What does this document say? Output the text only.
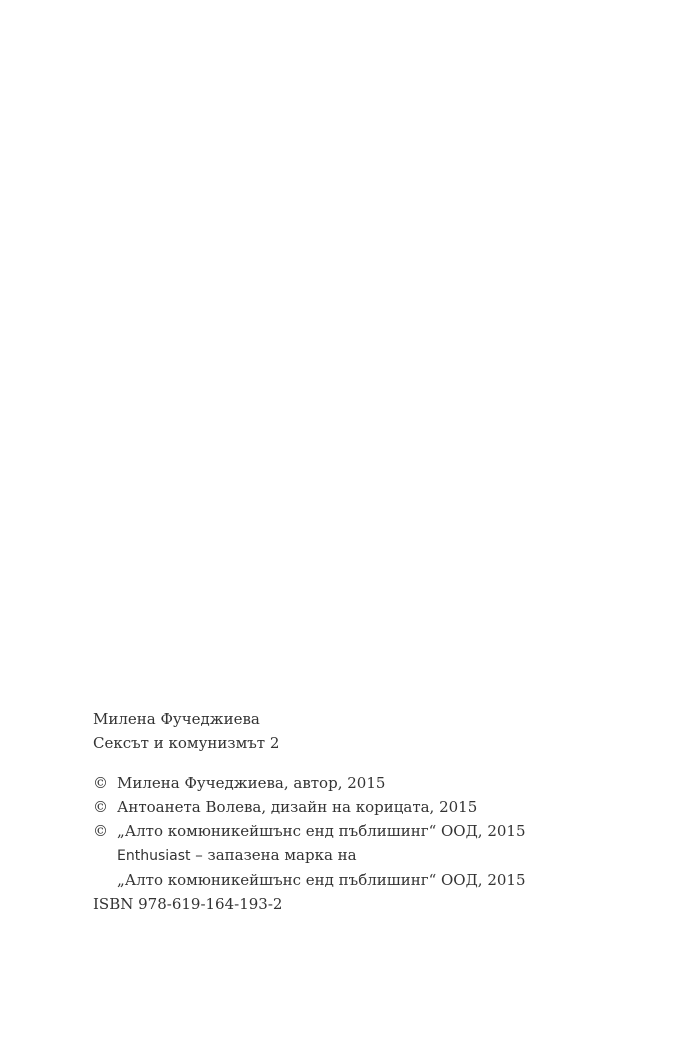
Милена Фучеджиева
Сексът и комунизмът 2
© Милена Фучеджиева, автор, 2015
© Антоанета Волева, дизайн на корицата, 2015
© „Алто комюникейшънс енд пъблишинг“ ООД, 2015
Enthusiast – запазена марка на
„Алто комюникейшънс енд пъблишинг“ ООД, 2015
ISBN 978-619-164-193-2
